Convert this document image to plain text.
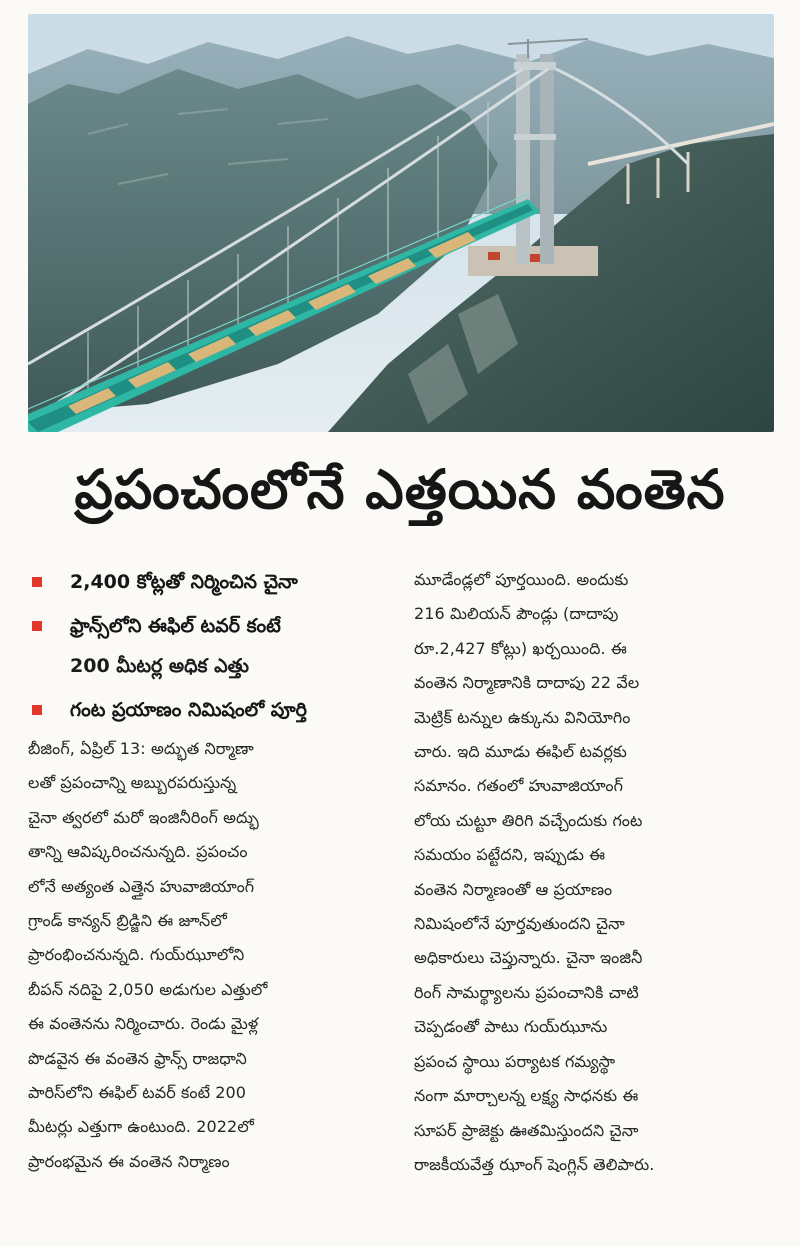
ప్రపంచంలోనే ఎత్తయిన వంతెన
2,400 కోట్లతో నిర్మించిన చైనా
ఫ్రాన్స్‌లోని ఈఫిల్ టవర్ కంటే
200 మీటర్ల అధిక ఎత్తు
గంట ప్రయాణం నిమిషంలో పూర్తి

బీజింగ్, ఏప్రిల్ 13: అద్భుత నిర్మాణా

లతో ప్రపంచాన్ని అబ్బురపరుస్తున్న

చైనా త్వరలో మరో ఇంజినీరింగ్ అద్భు

తాన్ని ఆవిష్కరించనున్నది. ప్రపంచం

లోనే అత్యంత ఎత్తైన హువాజియాంగ్

గ్రాండ్ కాన్యన్ బ్రిడ్జిని ఈ జూన్‌లో

ప్రారంభించనున్నది. గుయ్‌ఝూలోని

బీపన్ నదిపై 2,050 అడుగుల ఎత్తులో

ఈ వంతెనను నిర్మించారు. రెండు మైళ్ల

పొడవైన ఈ వంతెన ఫ్రాన్స్ రాజధాని

పారిస్‌లోని ఈఫిల్ టవర్ కంటే 200

మీటర్లు ఎత్తుగా ఉంటుంది. 2022లో

ప్రారంభమైన ఈ వంతెన నిర్మాణం

మూడేండ్లలో పూర్తయింది. అందుకు

216 మిలియన్ పౌండ్లు (దాదాపు

రూ.2,427 కోట్లు) ఖర్చయింది. ఈ

వంతెన నిర్మాణానికి దాదాపు 22 వేల

మెట్రిక్ టన్నుల ఉక్కును వినియోగిం

చారు. ఇది మూడు ఈఫిల్ టవర్లకు

సమానం. గతంలో హువాజియాంగ్

లోయ చుట్టూ తిరిగి వచ్చేందుకు గంట

సమయం పట్టేదని, ఇప్పుడు ఈ

వంతెన నిర్మాణంతో ఆ ప్రయాణం

నిమిషంలోనే పూర్తవుతుందని చైనా

అధికారులు చెప్తున్నారు. చైనా ఇంజినీ

రింగ్ సామర్థ్యాలను ప్రపంచానికి చాటి

చెప్పడంతో పాటు గుయ్‌ఝూను

ప్రపంచ స్థాయి పర్యాటక గమ్యస్థా

నంగా మార్చాలన్న లక్ష్య సాధనకు ఈ

సూపర్ ప్రాజెక్టు ఊతమిస్తుందని చైనా

రాజకీయవేత్త ఝాంగ్ షెంగ్లిన్ తెలిపారు.
